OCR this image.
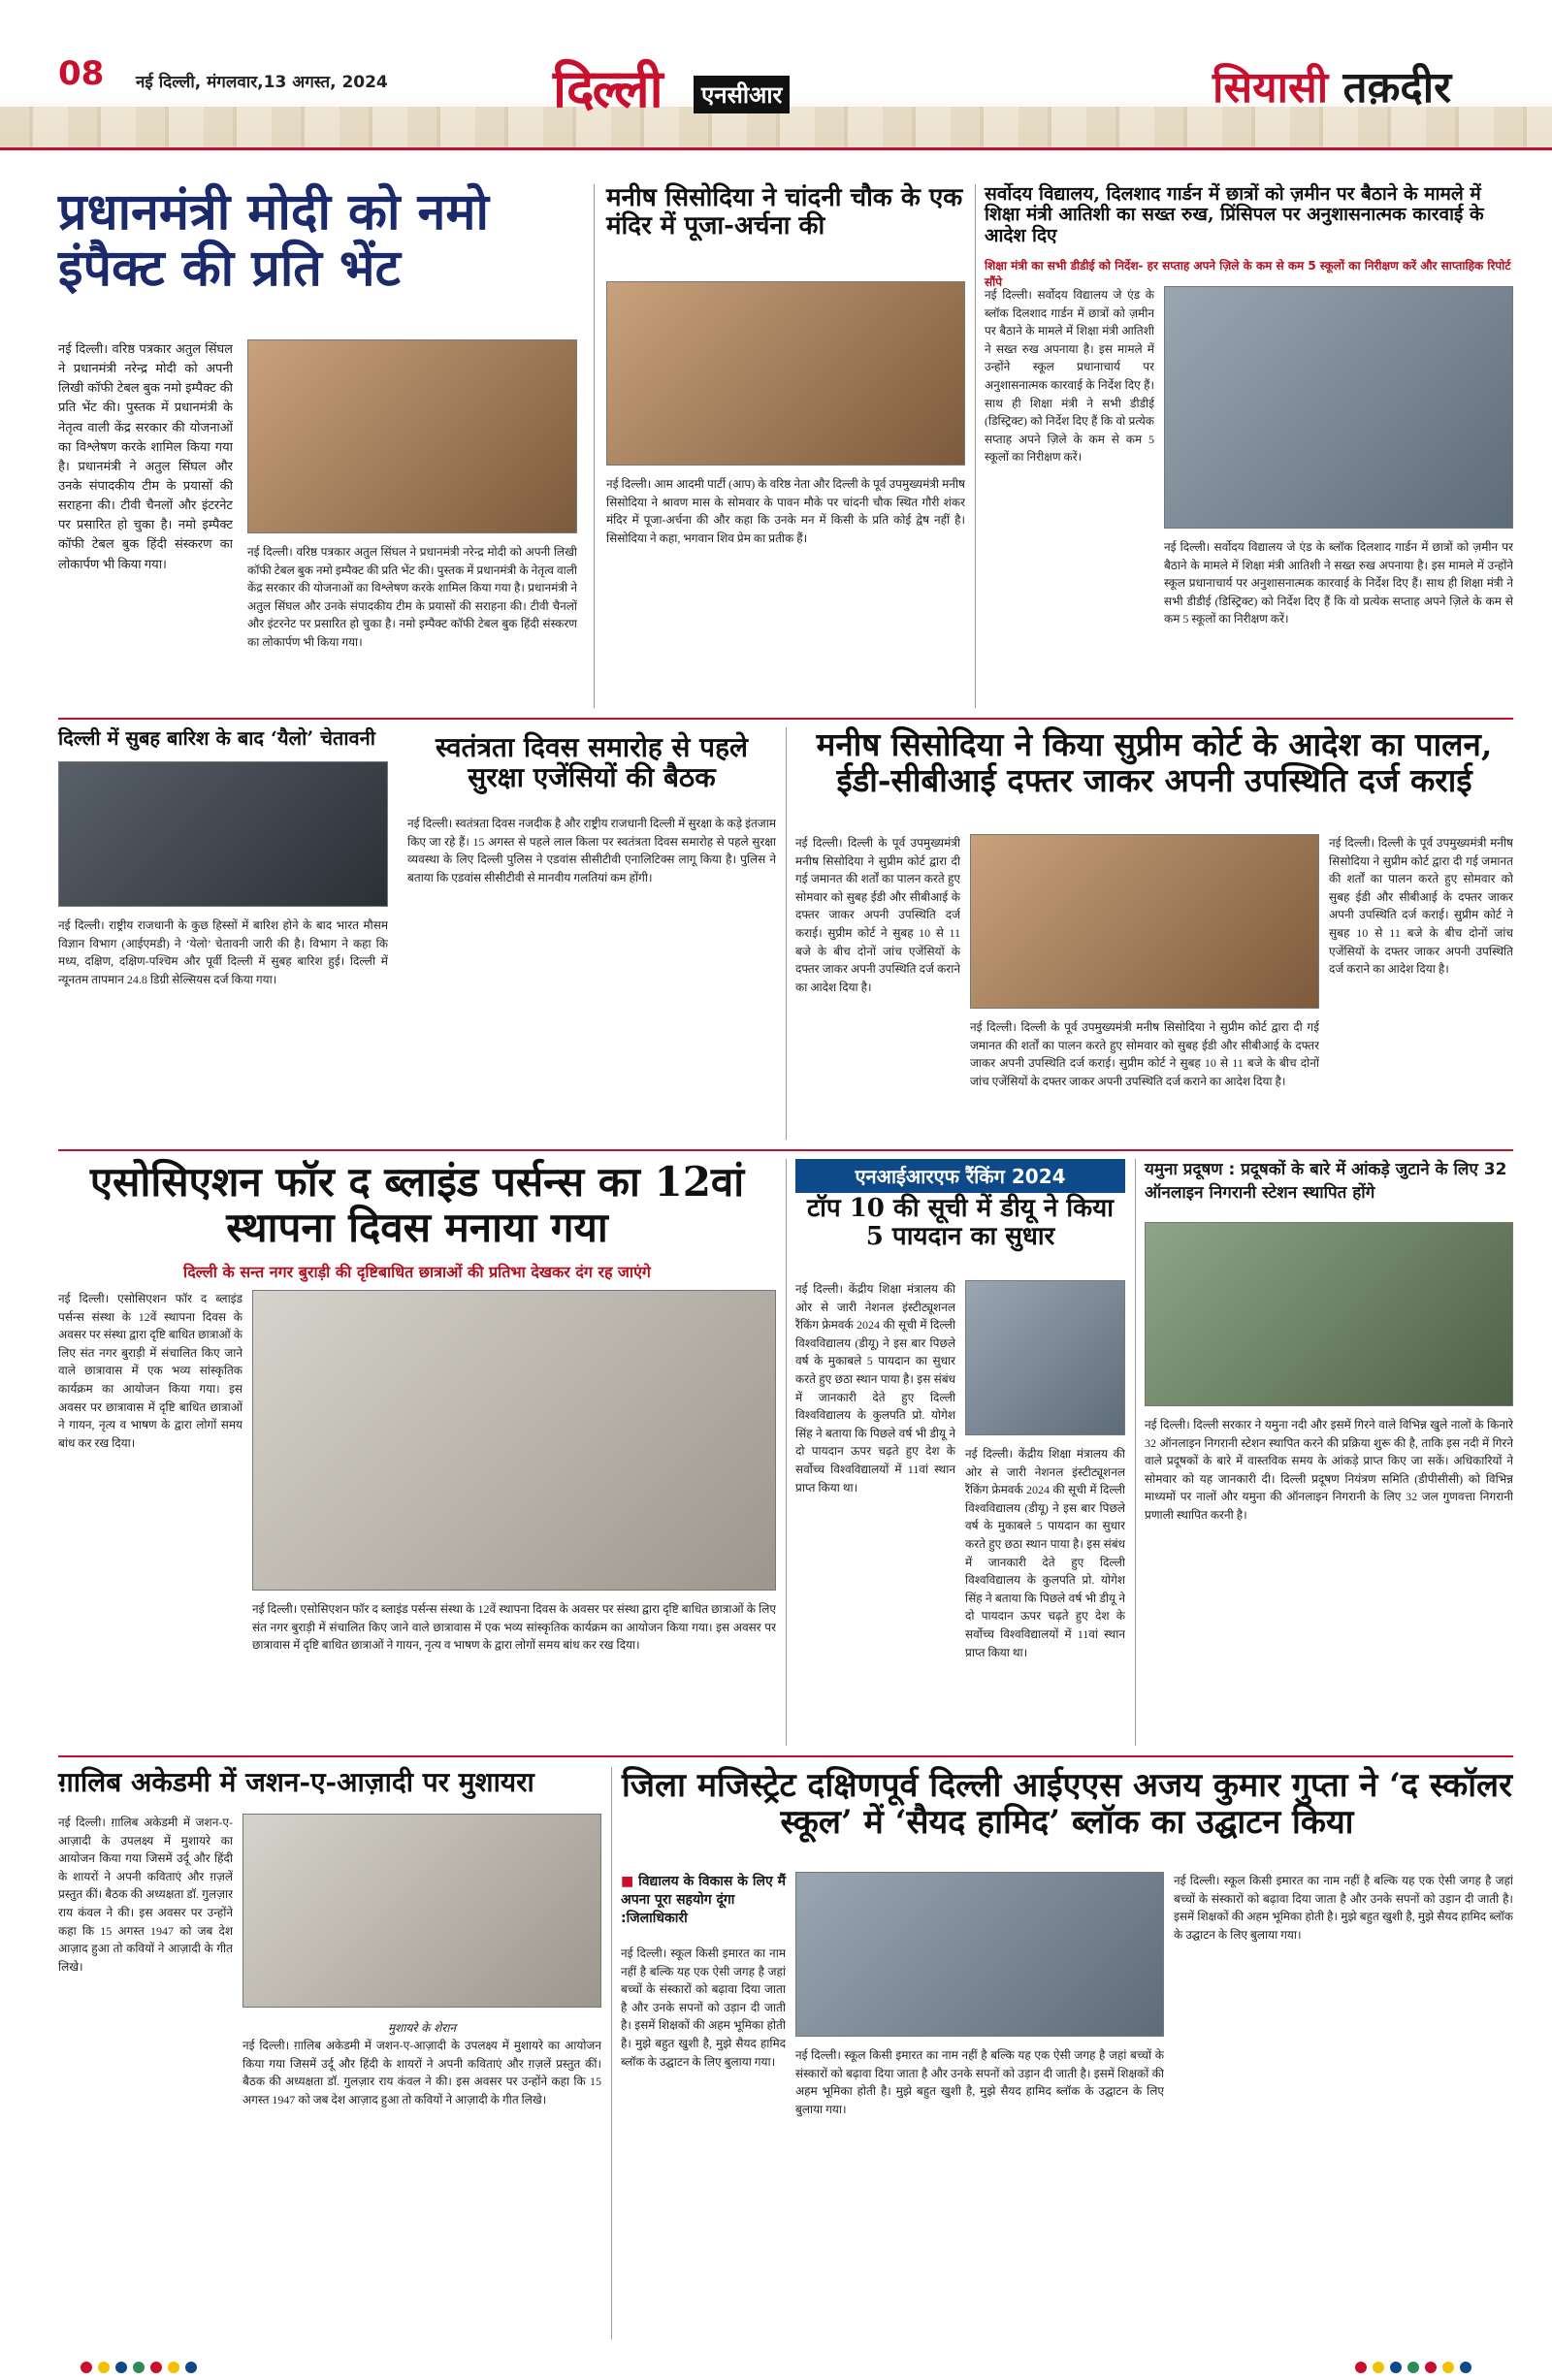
08 नई दिल्ली, मंगलवार,13 अगस्त, 2024	दिल्ली	एनसीआर	सियासी तक़दीर
प्रधानमंत्री मोदी को नमो इंपैक्ट की प्रति भेंट
नई दिल्ली। वरिष्ठ पत्रकार अतुल सिंघल ने प्रधानमंत्री नरेन्द्र मोदी को अपनी लिखी कॉफी टेबल बुक नमो इम्पैक्ट की प्रति भेंट की। पुस्तक में प्रधानमंत्री के नेतृत्व वाली केंद्र सरकार की योजनाओं का विश्लेषण करके शामिल किया गया है। प्रधानमंत्री ने अतुल सिंघल और उनके संपादकीय टीम के प्रयासों की सराहना की। टीवी चैनलों और इंटरनेट पर प्रसारित हो चुका है। नमो इम्पैक्ट कॉफी टेबल बुक हिंदी संस्करण का लोकार्पण भी किया गया।
नई दिल्ली। वरिष्ठ पत्रकार अतुल सिंघल ने प्रधानमंत्री नरेन्द्र मोदी को अपनी लिखी कॉफी टेबल बुक नमो इम्पैक्ट की प्रति भेंट की। पुस्तक में प्रधानमंत्री के नेतृत्व वाली केंद्र सरकार की योजनाओं का विश्लेषण करके शामिल किया गया है। प्रधानमंत्री ने अतुल सिंघल और उनके संपादकीय टीम के प्रयासों की सराहना की। टीवी चैनलों और इंटरनेट पर प्रसारित हो चुका है। नमो इम्पैक्ट कॉफी टेबल बुक हिंदी संस्करण का लोकार्पण भी किया गया।
मनीष सिसोदिया ने चांदनी चौक के एक मंदिर में पूजा-अर्चना की
नई दिल्ली। आम आदमी पार्टी (आप) के वरिष्ठ नेता और दिल्ली के पूर्व उपमुख्यमंत्री मनीष सिसोदिया ने श्रावण मास के सोमवार के पावन मौके पर चांदनी चौक स्थित गौरी शंकर मंदिर में पूजा-अर्चना की और कहा कि उनके मन में किसी के प्रति कोई द्वेष नहीं है। सिसोदिया ने कहा, भगवान शिव प्रेम का प्रतीक हैं।
सर्वोदय विद्यालय, दिलशाद गार्डन में छात्रों को ज़मीन पर बैठाने के मामले में शिक्षा मंत्री आतिशी का सख्त रुख, प्रिंसिपल पर अनुशासनात्मक कारवाई के आदेश दिए
शिक्षा मंत्री का सभी डीडीई को निर्देश- हर सप्ताह अपने ज़िले के कम से कम 5 स्कूलों का निरीक्षण करें और साप्ताहिक रिपोर्ट सौंपे
नई दिल्ली। सर्वोदय विद्यालय जे एंड के ब्लॉक दिलशाद गार्डन में छात्रों को ज़मीन पर बैठाने के मामले में शिक्षा मंत्री आतिशी ने सख्त रुख अपनाया है। इस मामले में उन्होंने स्कूल प्रधानाचार्य पर अनुशासनात्मक कारवाई के निर्देश दिए हैं। साथ ही शिक्षा मंत्री ने सभी डीडीई (डिस्ट्रिक्ट) को निर्देश दिए हैं कि वो प्रत्येक सप्ताह अपने ज़िले के कम से कम 5 स्कूलों का निरीक्षण करें।
नई दिल्ली। सर्वोदय विद्यालय जे एंड के ब्लॉक दिलशाद गार्डन में छात्रों को ज़मीन पर बैठाने के मामले में शिक्षा मंत्री आतिशी ने सख्त रुख अपनाया है। इस मामले में उन्होंने स्कूल प्रधानाचार्य पर अनुशासनात्मक कारवाई के निर्देश दिए हैं। साथ ही शिक्षा मंत्री ने सभी डीडीई (डिस्ट्रिक्ट) को निर्देश दिए हैं कि वो प्रत्येक सप्ताह अपने ज़िले के कम से कम 5 स्कूलों का निरीक्षण करें।
दिल्ली में सुबह बारिश के बाद ‘यैलो’ चेतावनी
नई दिल्ली। राष्ट्रीय राजधानी के कुछ हिस्सों में बारिश होने के बाद भारत मौसम विज्ञान विभाग (आईएमडी) ने ‘येलो’ चेतावनी जारी की है। विभाग ने कहा कि मध्य, दक्षिण, दक्षिण-पश्चिम और पूर्वी दिल्ली में सुबह बारिश हुई। दिल्ली में न्यूनतम तापमान 24.8 डिग्री सेल्सियस दर्ज किया गया।
स्वतंत्रता दिवस समारोह से पहले सुरक्षा एजेंसियों की बैठक
नई दिल्ली। स्वतंत्रता दिवस नजदीक है और राष्ट्रीय राजधानी दिल्ली में सुरक्षा के कड़े इंतजाम किए जा रहे हैं। 15 अगस्त से पहले लाल किला पर स्वतंत्रता दिवस समारोह से पहले सुरक्षा व्यवस्था के लिए दिल्ली पुलिस ने एडवांस सीसीटीवी एनालिटिक्स लागू किया है। पुलिस ने बताया कि एडवांस सीसीटीवी से मानवीय गलतियां कम होंगी।
मनीष सिसोदिया ने किया सुप्रीम कोर्ट के आदेश का पालन, ईडी-सीबीआई दफ्तर जाकर अपनी उपस्थिति दर्ज कराई
नई दिल्ली। दिल्ली के पूर्व उपमुख्यमंत्री मनीष सिसोदिया ने सुप्रीम कोर्ट द्वारा दी गई जमानत की शर्तों का पालन करते हुए सोमवार को सुबह ईडी और सीबीआई के दफ्तर जाकर अपनी उपस्थिति दर्ज कराई। सुप्रीम कोर्ट ने सुबह 10 से 11 बजे के बीच दोनों जांच एजेंसियों के दफ्तर जाकर अपनी उपस्थिति दर्ज कराने का आदेश दिया है।
नई दिल्ली। दिल्ली के पूर्व उपमुख्यमंत्री मनीष सिसोदिया ने सुप्रीम कोर्ट द्वारा दी गई जमानत की शर्तों का पालन करते हुए सोमवार को सुबह ईडी और सीबीआई के दफ्तर जाकर अपनी उपस्थिति दर्ज कराई। सुप्रीम कोर्ट ने सुबह 10 से 11 बजे के बीच दोनों जांच एजेंसियों के दफ्तर जाकर अपनी उपस्थिति दर्ज कराने का आदेश दिया है।
नई दिल्ली। दिल्ली के पूर्व उपमुख्यमंत्री मनीष सिसोदिया ने सुप्रीम कोर्ट द्वारा दी गई जमानत की शर्तों का पालन करते हुए सोमवार को सुबह ईडी और सीबीआई के दफ्तर जाकर अपनी उपस्थिति दर्ज कराई। सुप्रीम कोर्ट ने सुबह 10 से 11 बजे के बीच दोनों जांच एजेंसियों के दफ्तर जाकर अपनी उपस्थिति दर्ज कराने का आदेश दिया है।
एसोसिएशन फॉर द ब्लाइंड पर्सन्स का 12वां स्थापना दिवस मनाया गया
दिल्ली के सन्त नगर बुराड़ी की दृष्टिबाधित छात्राओं की प्रतिभा देखकर दंग रह जाएंगे
नई दिल्ली। एसोसिएशन फॉर द ब्लाइंड पर्सन्स संस्था के 12वें स्थापना दिवस के अवसर पर संस्था द्वारा दृष्टि बाधित छात्राओं के लिए संत नगर बुराड़ी में संचालित किए जाने वाले छात्रावास में एक भव्य सांस्कृतिक कार्यक्रम का आयोजन किया गया। इस अवसर पर छात्रावास में दृष्टि बाधित छात्राओं ने गायन, नृत्य व भाषण के द्वारा लोगों समय बांध कर रख दिया।
नई दिल्ली। एसोसिएशन फॉर द ब्लाइंड पर्सन्स संस्था के 12वें स्थापना दिवस के अवसर पर संस्था द्वारा दृष्टि बाधित छात्राओं के लिए संत नगर बुराड़ी में संचालित किए जाने वाले छात्रावास में एक भव्य सांस्कृतिक कार्यक्रम का आयोजन किया गया। इस अवसर पर छात्रावास में दृष्टि बाधित छात्राओं ने गायन, नृत्य व भाषण के द्वारा लोगों समय बांध कर रख दिया।
एनआईआरएफ रैंकिंग 2024
टॉप 10 की सूची में डीयू ने किया 5 पायदान का सुधार
नई दिल्ली। केंद्रीय शिक्षा मंत्रालय की ओर से जारी नेशनल इंस्टीट्यूशनल रैंकिंग फ्रेमवर्क 2024 की सूची में दिल्ली विश्वविद्यालय (डीयू) ने इस बार पिछले वर्ष के मुकाबले 5 पायदान का सुधार करते हुए छठा स्थान पाया है। इस संबंध में जानकारी देते हुए दिल्ली विश्वविद्यालय के कुलपति प्रो. योगेश सिंह ने बताया कि पिछले वर्ष भी डीयू ने दो पायदान ऊपर चढ़ते हुए देश के सर्वोच्च विश्वविद्यालयों में 11वां स्थान प्राप्त किया था।
नई दिल्ली। केंद्रीय शिक्षा मंत्रालय की ओर से जारी नेशनल इंस्टीट्यूशनल रैंकिंग फ्रेमवर्क 2024 की सूची में दिल्ली विश्वविद्यालय (डीयू) ने इस बार पिछले वर्ष के मुकाबले 5 पायदान का सुधार करते हुए छठा स्थान पाया है। इस संबंध में जानकारी देते हुए दिल्ली विश्वविद्यालय के कुलपति प्रो. योगेश सिंह ने बताया कि पिछले वर्ष भी डीयू ने दो पायदान ऊपर चढ़ते हुए देश के सर्वोच्च विश्वविद्यालयों में 11वां स्थान प्राप्त किया था।
यमुना प्रदूषण : प्रदूषकों के बारे में आंकड़े जुटाने के लिए 32 ऑनलाइन निगरानी स्टेशन स्थापित होंगे
नई दिल्ली। दिल्ली सरकार ने यमुना नदी और इसमें गिरने वाले विभिन्न खुले नालों के किनारे 32 ऑनलाइन निगरानी स्टेशन स्थापित करने की प्रक्रिया शुरू की है, ताकि इस नदी में गिरने वाले प्रदूषकों के बारे में वास्तविक समय के आंकड़े प्राप्त किए जा सकें। अधिकारियों ने सोमवार को यह जानकारी दी। दिल्ली प्रदूषण नियंत्रण समिति (डीपीसीसी) को विभिन्न माध्यमों पर नालों और यमुना की ऑनलाइन निगरानी के लिए 32 जल गुणवत्ता निगरानी प्रणाली स्थापित करनी है।
ग़ालिब अकेडमी में जशन-ए-आज़ादी पर मुशायरा
नई दिल्ली। ग़ालिब अकेडमी में जशन-ए-आज़ादी के उपलक्ष्य में मुशायरे का आयोजन किया गया जिसमें उर्दू और हिंदी के शायरों ने अपनी कविताएं और ग़ज़लें प्रस्तुत कीं। बैठक की अध्यक्षता डॉ. गुलज़ार राय कंवल ने की। इस अवसर पर उन्होंने कहा कि 15 अगस्त 1947 को जब देश आज़ाद हुआ तो कवियों ने आज़ादी के गीत लिखे।
मुशायरे के शेरान
नई दिल्ली। ग़ालिब अकेडमी में जशन-ए-आज़ादी के उपलक्ष्य में मुशायरे का आयोजन किया गया जिसमें उर्दू और हिंदी के शायरों ने अपनी कविताएं और ग़ज़लें प्रस्तुत कीं। बैठक की अध्यक्षता डॉ. गुलज़ार राय कंवल ने की। इस अवसर पर उन्होंने कहा कि 15 अगस्त 1947 को जब देश आज़ाद हुआ तो कवियों ने आज़ादी के गीत लिखे।
जिला मजिस्ट्रेट दक्षिणपूर्व दिल्ली आईएएस अजय कुमार गुप्ता ने ‘द स्कॉलर स्कूल’ में ‘सैयद हामिद’ ब्लॉक का उद्घाटन किया
■ विद्यालय के विकास के लिए मैं अपना पूरा सहयोग दूंगा :जिलाधिकारी
नई दिल्ली। स्कूल किसी इमारत का नाम नहीं है बल्कि यह एक ऐसी जगह है जहां बच्चों के संस्कारों को बढ़ावा दिया जाता है और उनके सपनों को उड़ान दी जाती है। इसमें शिक्षकों की अहम भूमिका होती है। मुझे बहुत खुशी है, मुझे सैयद हामिद ब्लॉक के उद्घाटन के लिए बुलाया गया।	नई दिल्ली। स्कूल किसी इमारत का नाम नहीं है बल्कि यह एक ऐसी जगह है जहां बच्चों के संस्कारों को बढ़ावा दिया जाता है और उनके सपनों को उड़ान दी जाती है। इसमें शिक्षकों की अहम भूमिका होती है। मुझे बहुत खुशी है, मुझे सैयद हामिद ब्लॉक के उद्घाटन के लिए बुलाया गया।
नई दिल्ली। स्कूल किसी इमारत का नाम नहीं है बल्कि यह एक ऐसी जगह है जहां बच्चों के संस्कारों को बढ़ावा दिया जाता है और उनके सपनों को उड़ान दी जाती है। इसमें शिक्षकों की अहम भूमिका होती है। मुझे बहुत खुशी है, मुझे सैयद हामिद ब्लॉक के उद्घाटन के लिए बुलाया गया।
